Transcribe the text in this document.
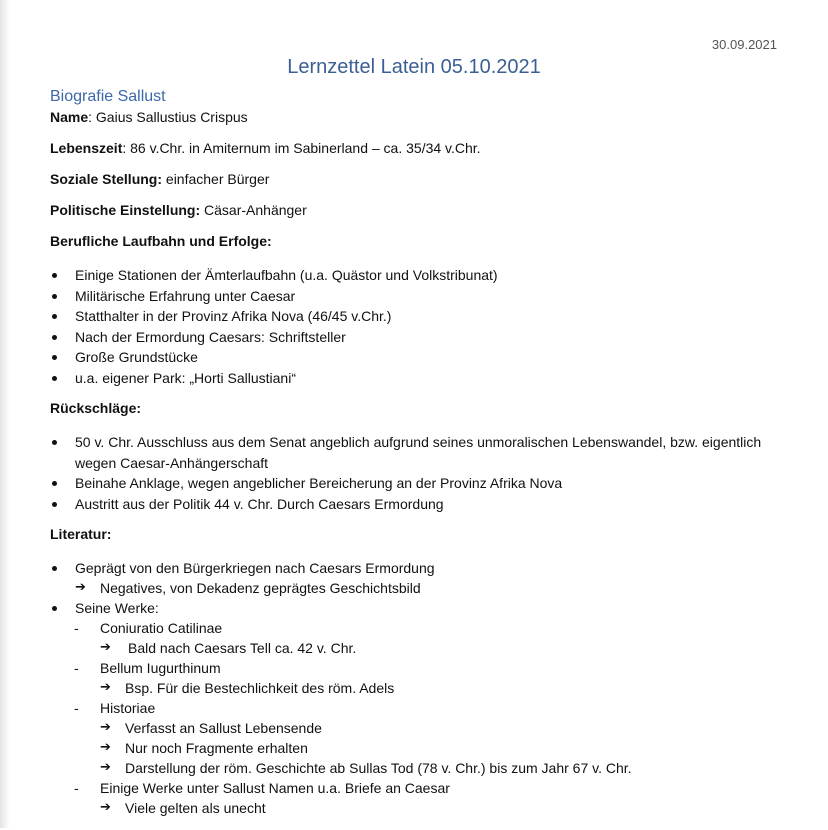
30.09.2021
Lernzettel Latein 05.10.2021
Biografie Sallust

Name: Gaius Sallustius Crispus

Lebenszeit: 86 v.Chr. in Amiternum im Sabinerland – ca. 35/34 v.Chr.

Soziale Stellung: einfacher Bürger

Politische Einstellung: Cäsar-Anhänger

Berufliche Laufbahn und Erfolge:

Einige Stationen der Ämterlaufbahn (u.a. Quästor und Volkstribunat)
Militärische Erfahrung unter Caesar
Statthalter in der Provinz Afrika Nova (46/45 v.Chr.)
Nach der Ermordung Caesars: Schriftsteller
Große Grundstücke
u.a. eigener Park: „Horti Sallustiani“

Rückschläge:

50 v. Chr. Ausschluss aus dem Senat angeblich aufgrund seines unmoralischen Lebenswandel, bzw. eigentlich wegen Caesar-Anhängerschaft
Beinahe Anklage, wegen angeblicher Bereicherung an der Provinz Afrika Nova
Austritt aus der Politik 44 v. Chr. Durch Caesars Ermordung

Literatur:

Geprägt von den Bürgerkriegen nach Caesars Ermordung
➔ Negatives, von Dekadenz geprägtes Geschichtsbild
Seine Werke:
- Coniuratio Catilinae
➔ Bald nach Caesars Tell ca. 42 v. Chr.
- Bellum Iugurthinum
➔ Bsp. Für die Bestechlichkeit des röm. Adels
- Historiae
➔ Verfasst an Sallust Lebensende
➔ Nur noch Fragmente erhalten
➔ Darstellung der röm. Geschichte ab Sullas Tod (78 v. Chr.) bis zum Jahr 67 v. Chr.
- Einige Werke unter Sallust Namen u.a. Briefe an Caesar
➔ Viele gelten als unecht
